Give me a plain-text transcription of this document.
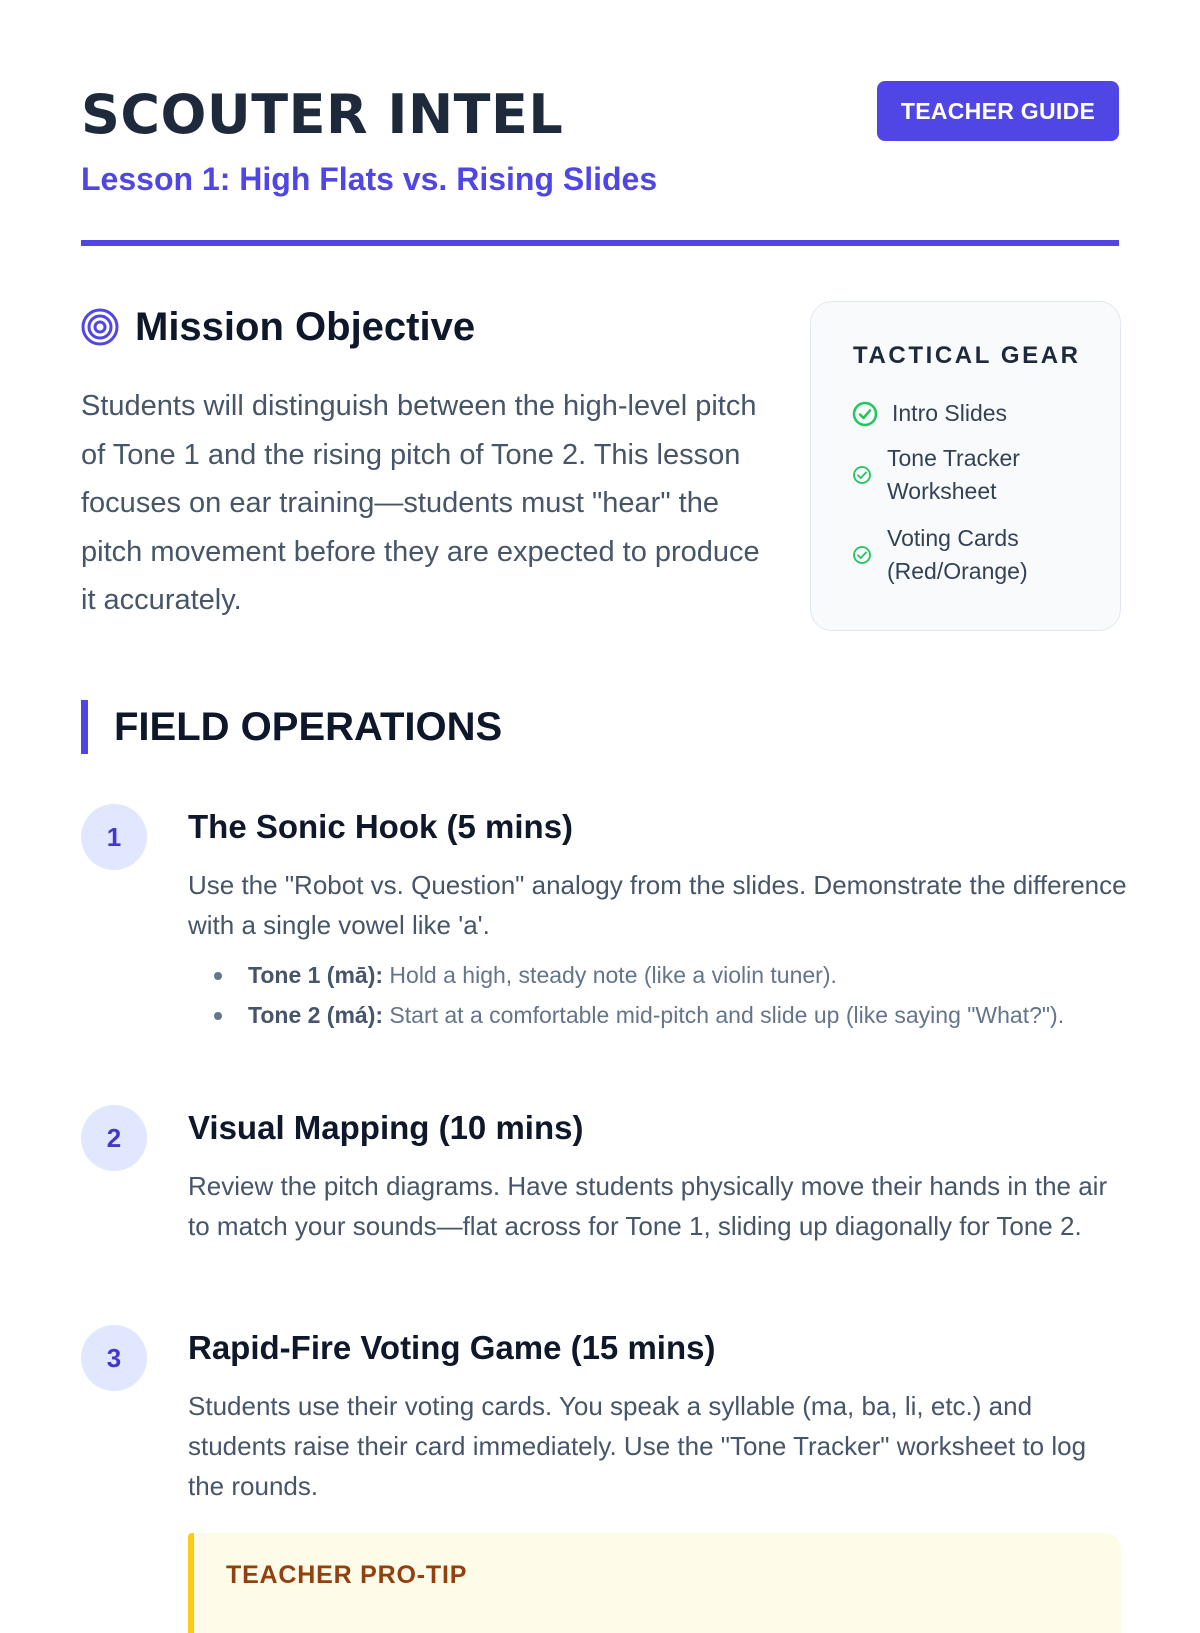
SCOUTER INTEL
Lesson 1: High Flats vs. Rising Slides
TEACHER GUIDE
Mission Objective

Students will distinguish between the high-level pitch of Tone 1 and the rising pitch of Tone 2. This lesson focuses on ear training—students must "hear" the pitch movement before they are expected to produce it accurately.

TACTICAL GEAR
Intro Slides
Tone Tracker Worksheet
Voting Cards (Red/Orange)
FIELD OPERATIONS
1	The Sonic Hook (5 mins)

Use the "Robot vs. Question" analogy from the slides. Demonstrate the difference with a single vowel like 'a'.

Tone 1 (mā): Hold a high, steady note (like a violin tuner).
Tone 2 (má): Start at a comfortable mid-pitch and slide up (like saying "What?").
2	Visual Mapping (10 mins)

Review the pitch diagrams. Have students physically move their hands in the air to match your sounds—flat across for Tone 1, sliding up diagonally for Tone 2.

3	Rapid-Fire Voting Game (15 mins)

Students use their voting cards. You speak a syllable (ma, ba, li, etc.) and students raise their card immediately. Use the "Tone Tracker" worksheet to log the rounds.

TEACHER PRO-TIP
